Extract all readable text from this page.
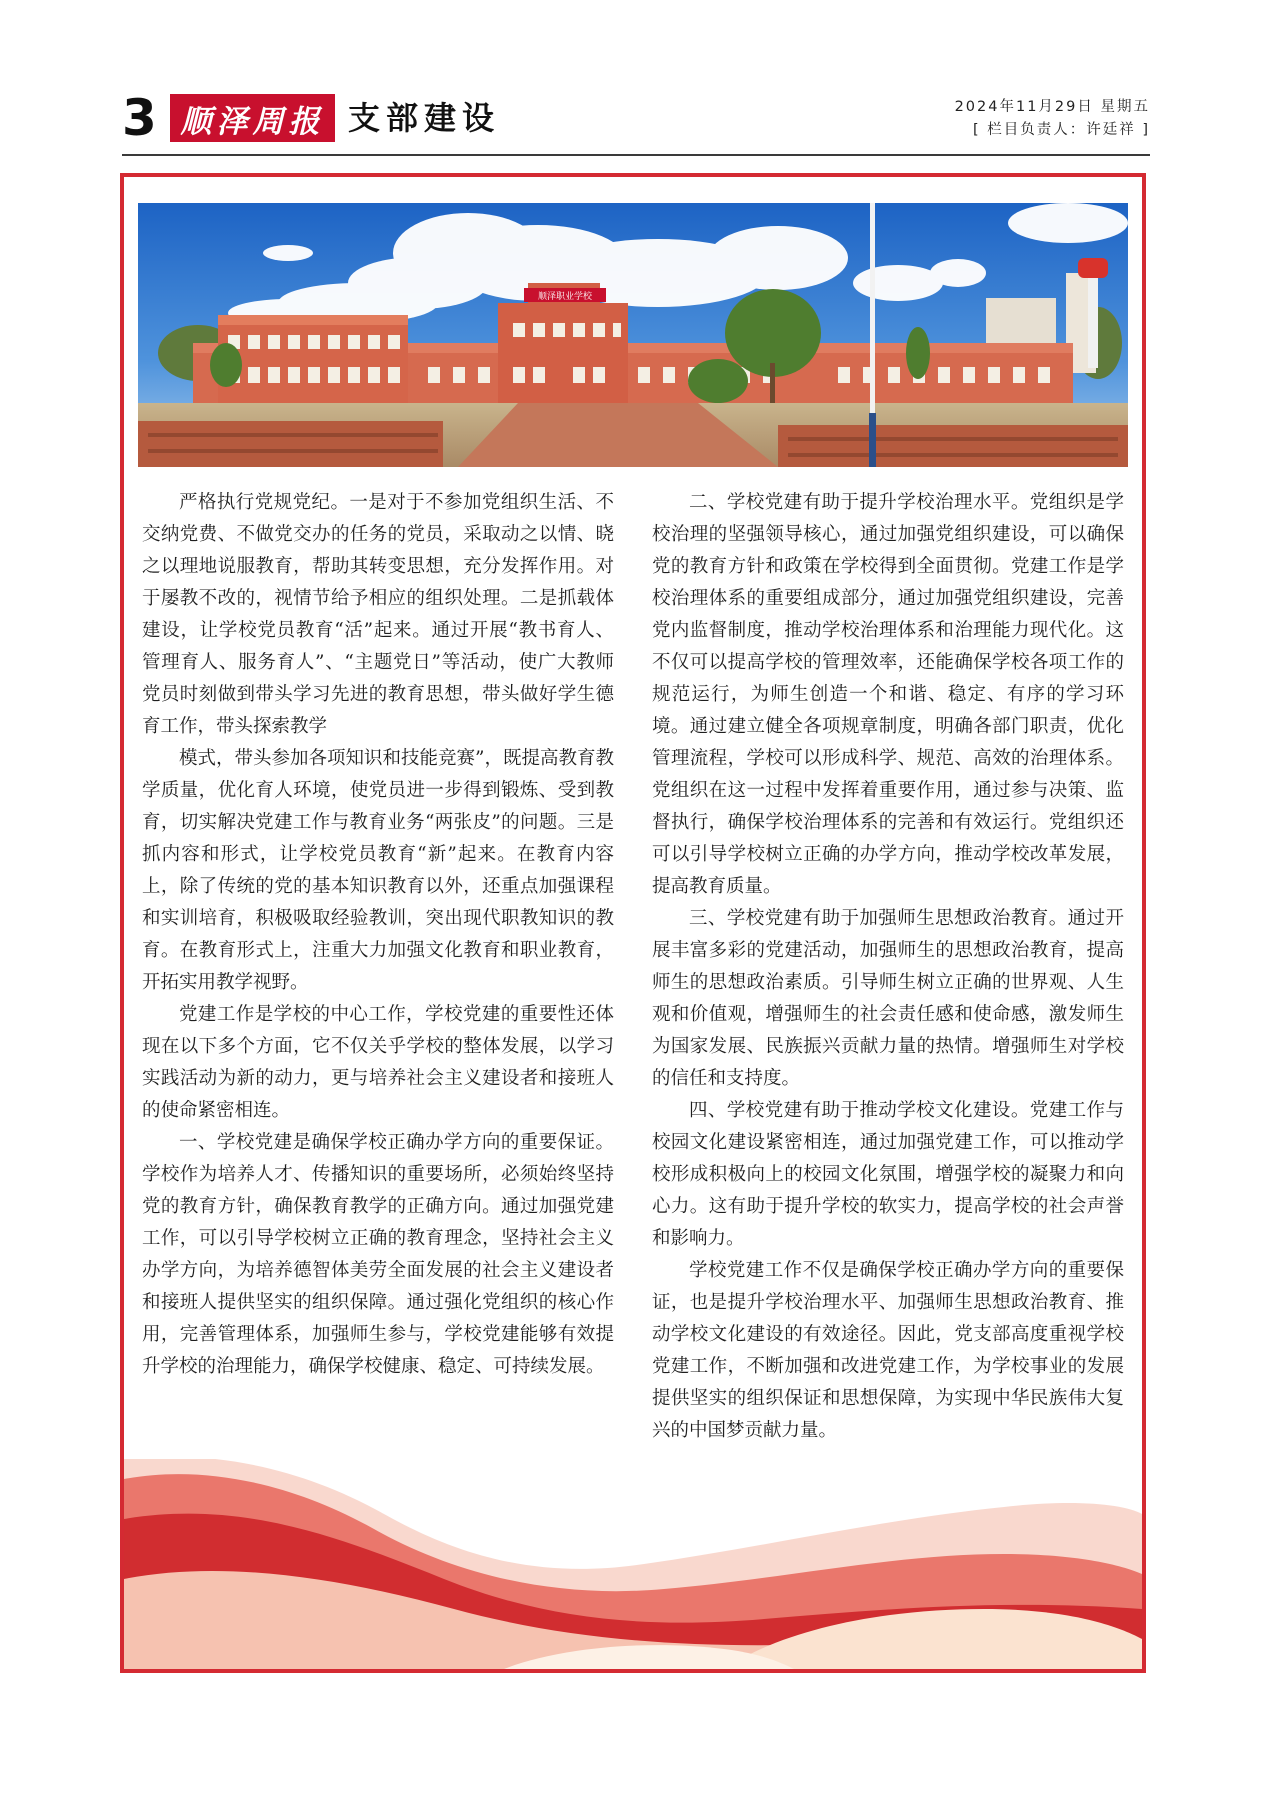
3 顺泽周报 支部建设	2024年11月29日 星期五
[ 栏目负责人：许廷祥 ]
顺泽职业学校

严格执行党规党纪。一是对于不参加党组织生活、不交纳党费、不做党交办的任务的党员，采取动之以情、晓之以理地说服教育，帮助其转变思想，充分发挥作用。对于屡教不改的，视情节给予相应的组织处理。二是抓载体建设，让学校党员教育“活”起来。通过开展“教书育人、管理育人、服务育人”、“主题党日”等活动，使广大教师党员时刻做到带头学习先进的教育思想，带头做好学生德育工作，带头探索教学

模式，带头参加各项知识和技能竞赛”，既提高教育教学质量，优化育人环境，使党员进一步得到锻炼、受到教育，切实解决党建工作与教育业务“两张皮”的问题。三是抓内容和形式，让学校党员教育“新”起来。在教育内容上，除了传统的党的基本知识教育以外，还重点加强课程和实训培育，积极吸取经验教训，突出现代职教知识的教育。在教育形式上，注重大力加强文化教育和职业教育，开拓实用教学视野。

党建工作是学校的中心工作，学校党建的重要性还体现在以下多个方面，它不仅关乎学校的整体发展，以学习实践活动为新的动力，更与培养社会主义建设者和接班人的使命紧密相连。

一、学校党建是确保学校正确办学方向的重要保证。学校作为培养人才、传播知识的重要场所，必须始终坚持党的教育方针，确保教育教学的正确方向。通过加强党建工作，可以引导学校树立正确的教育理念，坚持社会主义办学方向，为培养德智体美劳全面发展的社会主义建设者和接班人提供坚实的组织保障。通过强化党组织的核心作用，完善管理体系，加强师生参与，学校党建能够有效提升学校的治理能力，确保学校健康、稳定、可持续发展。

二、学校党建有助于提升学校治理水平。党组织是学校治理的坚强领导核心，通过加强党组织建设，可以确保党的教育方针和政策在学校得到全面贯彻。党建工作是学校治理体系的重要组成部分，通过加强党组织建设，完善党内监督制度，推动学校治理体系和治理能力现代化。这不仅可以提高学校的管理效率，还能确保学校各项工作的规范运行，为师生创造一个和谐、稳定、有序的学习环境。通过建立健全各项规章制度，明确各部门职责，优化管理流程，学校可以形成科学、规范、高效的治理体系。党组织在这一过程中发挥着重要作用，通过参与决策、监督执行，确保学校治理体系的完善和有效运行。党组织还可以引导学校树立正确的办学方向，推动学校改革发展，提高教育质量。

三、学校党建有助于加强师生思想政治教育。通过开展丰富多彩的党建活动，加强师生的思想政治教育，提高师生的思想政治素质。引导师生树立正确的世界观、人生观和价值观，增强师生的社会责任感和使命感，激发师生为国家发展、民族振兴贡献力量的热情。增强师生对学校的信任和支持度。

四、学校党建有助于推动学校文化建设。党建工作与校园文化建设紧密相连，通过加强党建工作，可以推动学校形成积极向上的校园文化氛围，增强学校的凝聚力和向心力。这有助于提升学校的软实力，提高学校的社会声誉和影响力。

学校党建工作不仅是确保学校正确办学方向的重要保证，也是提升学校治理水平、加强师生思想政治教育、推动学校文化建设的有效途径。因此，党支部高度重视学校党建工作，不断加强和改进党建工作，为学校事业的发展提供坚实的组织保证和思想保障，为实现中华民族伟大复兴的中国梦贡献力量。
